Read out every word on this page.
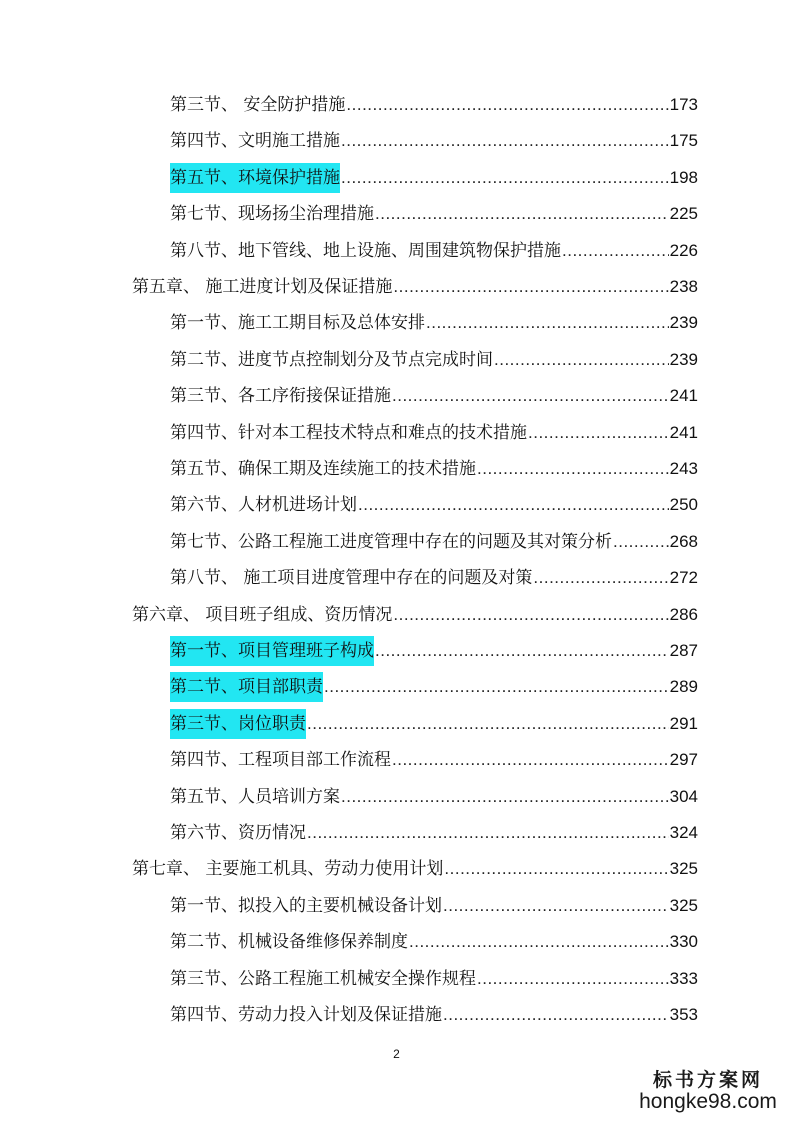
第三节、 安全防护措施 .....	173
第四节、文明施工措施 .....	175
第五节、环境保护措施 .....	198
第七节、现场扬尘治理措施 .....	225
第八节、地下管线、地上设施、周围建筑物保护措施 .....	226
第五章、 施工进度计划及保证措施 .....	238
第一节、施工工期目标及总体安排 .....	239
第二节、进度节点控制划分及节点完成时间 .....	239
第三节、各工序衔接保证措施 .....	241
第四节、针对本工程技术特点和难点的技术措施 .....	241
第五节、确保工期及连续施工的技术措施 .....	243
第六节、人材机进场计划 .....	250
第七节、公路工程施工进度管理中存在的问题及其对策分析 .....	268
第八节、 施工项目进度管理中存在的问题及对策 .....	272
第六章、 项目班子组成、资历情况 .....	286
第一节、项目管理班子构成 .....	287
第二节、项目部职责 .....	289
第三节、岗位职责 .....	291
第四节、工程项目部工作流程 .....	297
第五节、人员培训方案 .....	304
第六节、资历情况 .....	324
第七章、 主要施工机具、劳动力使用计划 .....	325
第一节、拟投入的主要机械设备计划 .....	325
第二节、机械设备维修保养制度 .....	330
第三节、公路工程施工机械安全操作规程 .....	333
第四节、劳动力投入计划及保证措施 .....	353
2
标书方案网
hongke98.com
